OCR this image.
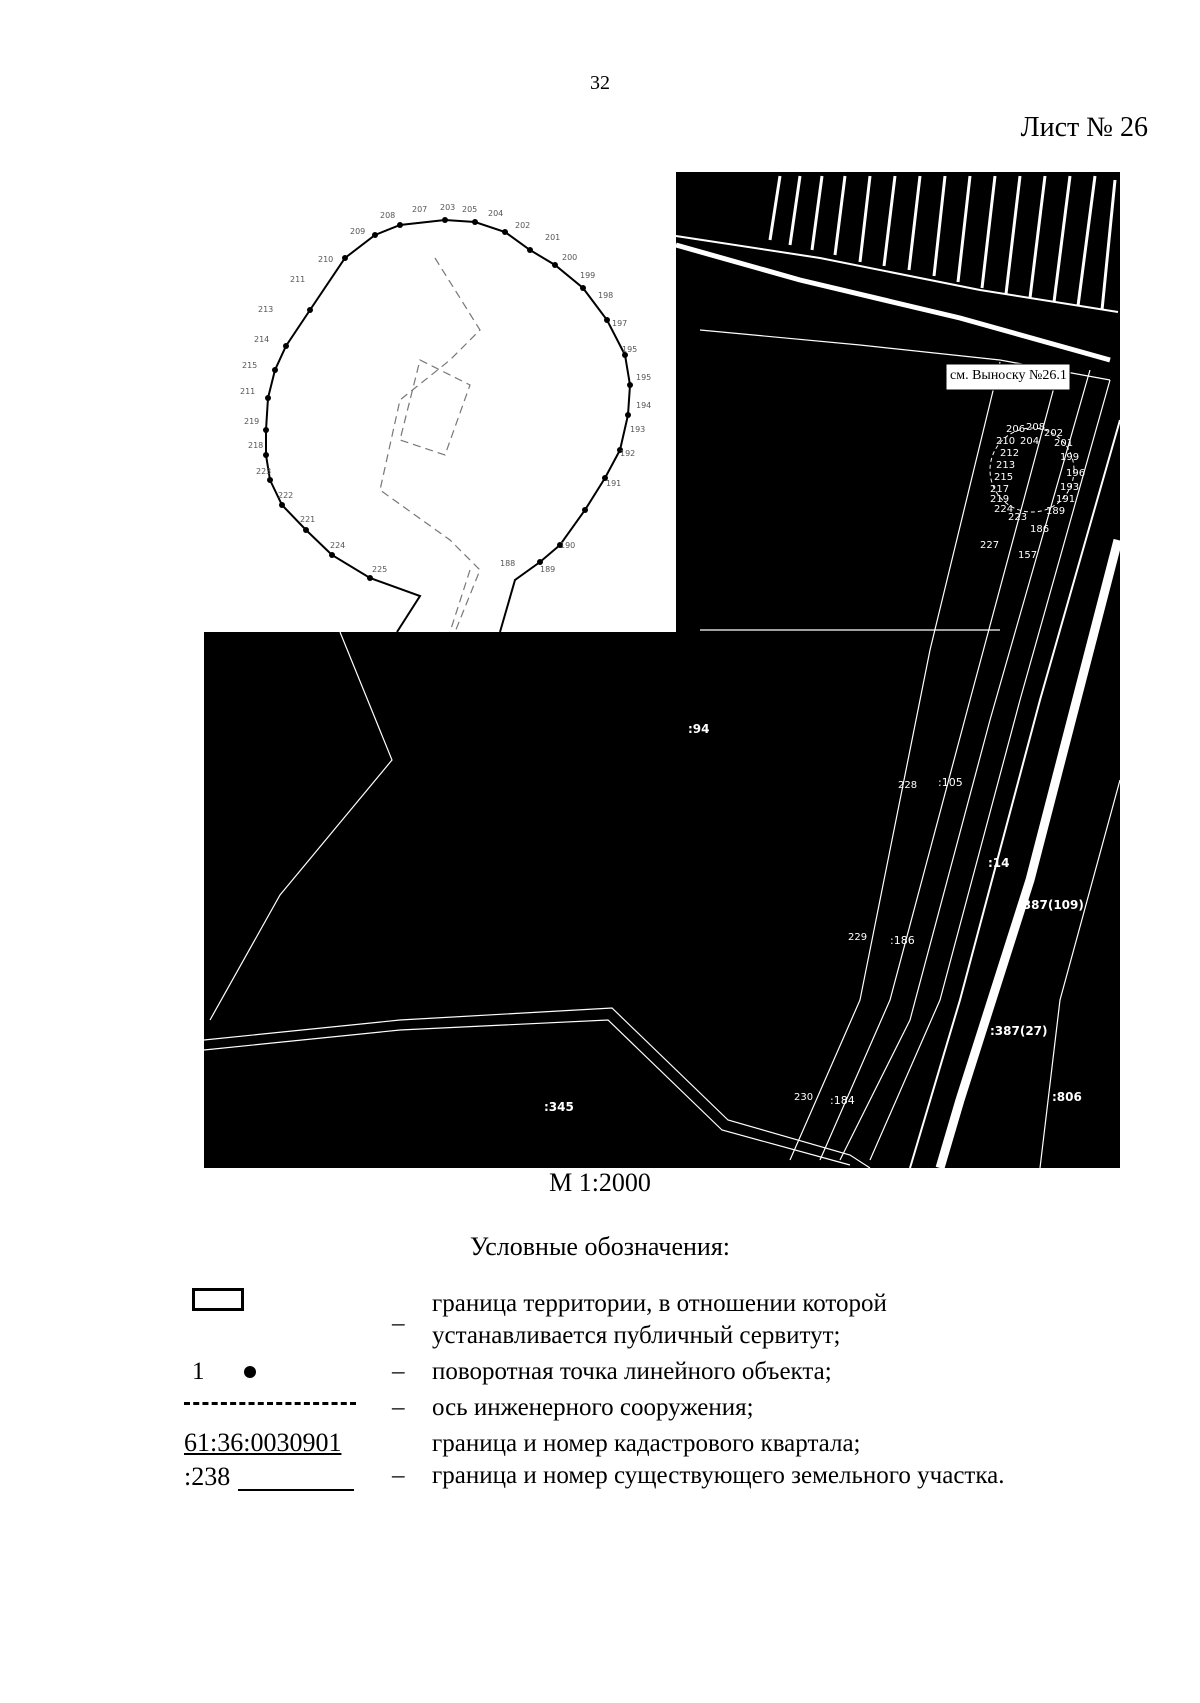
32
Лист № 26
225
224
221
222
223
218
219
211
215
214
213
211
210
209
208
207 203 205 204
202
201
200
199
198
197
195
195
194
193
192
191
190
189
188
206 208
202
201
210 204
199
212
196
213
215
217	193
219	191
224
223
189
186
227
157
228
229
230
см. Выноску №26.1
:94
:105
:186
:14
:387(109)
:387(27)
:345
:806
:184
М 1:2000
Условные обозначения:
–
граница территории, в отношении которой
устанавливается публичный сервитут;
1	– поворотная точка линейного объекта;
– ось инженерного сооружения;
61:36:0030901	граница и номер кадастрового квартала;
:238	– граница и номер существующего земельного участка.
